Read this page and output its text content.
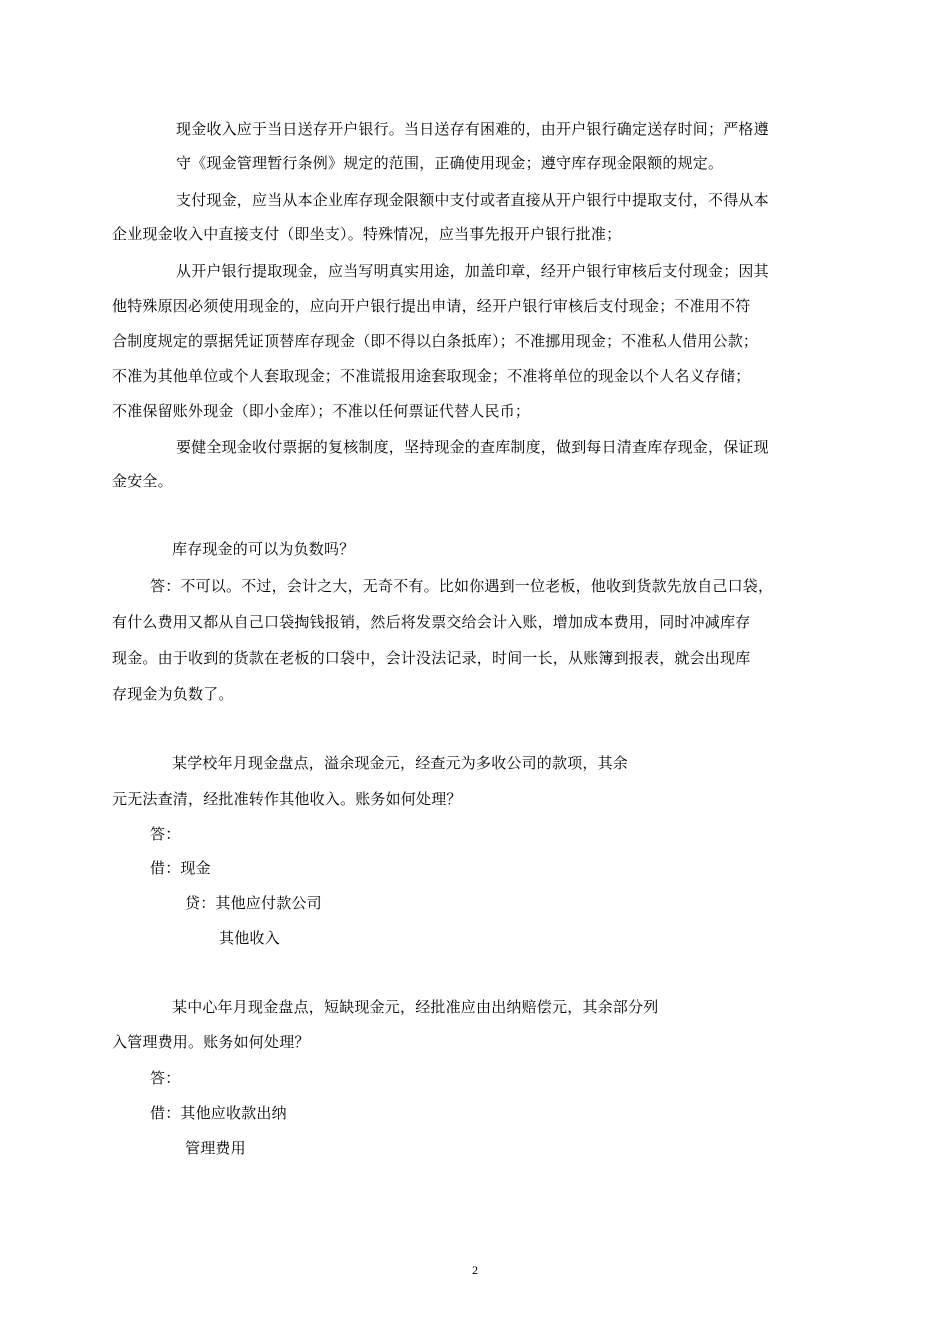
现金收入应于当日送存开户银行。当日送存有困难的，由开户银行确定送存时间；严格遵
守《现金管理暂行条例》规定的范围，正确使用现金；遵守库存现金限额的规定。
支付现金，应当从本企业库存现金限额中支付或者直接从开户银行中提取支付，不得从本
企业现金收入中直接支付（即坐支）。特殊情况，应当事先报开户银行批准；
从开户银行提取现金，应当写明真实用途，加盖印章，经开户银行审核后支付现金；因其
他特殊原因必须使用现金的，应向开户银行提出申请，经开户银行审核后支付现金；不准用不符
合制度规定的票据凭证顶替库存现金（即不得以白条抵库）；不准挪用现金；不准私人借用公款；
不准为其他单位或个人套取现金；不准谎报用途套取现金；不准将单位的现金以个人名义存储；
不准保留账外现金（即小金库）；不准以任何票证代替人民币；
要健全现金收付票据的复核制度，坚持现金的查库制度，做到每日清查库存现金，保证现
金安全。
库存现金的可以为负数吗？
答：不可以。不过，会计之大，无奇不有。比如你遇到一位老板，他收到货款先放自己口袋，
有什么费用又都从自己口袋掏钱报销，然后将发票交给会计入账，增加成本费用，同时冲减库存
现金。由于收到的货款在老板的口袋中，会计没法记录，时间一长，从账簿到报表，就会出现库
存现金为负数了。
某学校年月现金盘点，溢余现金元，经查元为多收公司的款项，其余
元无法查清，经批准转作其他收入。账务如何处理？
答：
借：现金
贷：其他应付款公司
其他收入
某中心年月现金盘点，短缺现金元，经批准应由出纳赔偿元，其余部分列
入管理费用。账务如何处理？
答：
借：其他应收款出纳
管理费用
2
